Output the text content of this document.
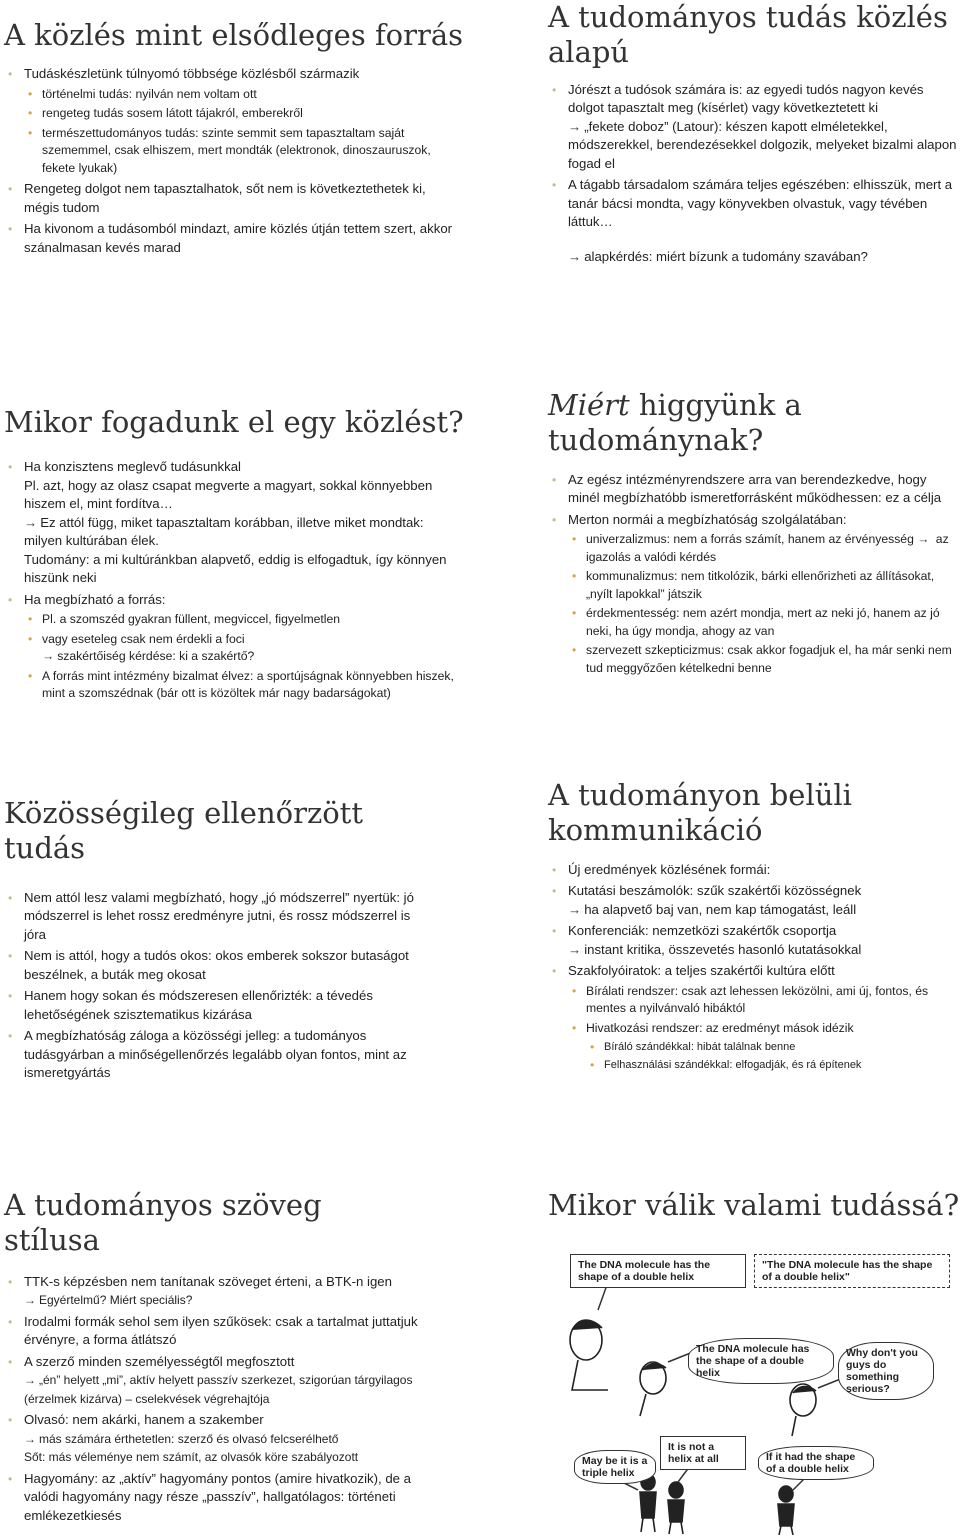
A közlés mint elsődleges forrás
• Tudáskészletünk túlnyomó többsége közlésből származik
• történelmi tudás: nyilván nem voltam ott
• rengeteg tudás sosem látott tájakról, emberekről
• természettudományos tudás: szinte semmit sem tapasztaltam saját szememmel, csak elhiszem, mert mondták (elektronok, dinoszauruszok, fekete lyukak)
• Rengeteg dolgot nem tapasztalhatok, sőt nem is következtethetek ki, mégis tudom
• Ha kivonom a tudásomból mindazt, amire közlés útján tettem szert, akkor szánalmasan kevés marad
A tudományos tudás közlés alapú
• Jórészt a tudósok számára is: az egyedi tudós nagyon kevés dolgot tapasztalt meg (kísérlet) vagy következtetett ki
→ „fekete doboz” (Latour): készen kapott elméletekkel, módszerekkel, berendezésekkel dolgozik, melyeket bizalmi alapon fogad el
• A tágabb társadalom számára teljes egészében: elhisszük, mert a tanár bácsi mondta, vagy könyvekben olvastuk, vagy tévében láttuk…
→ alapkérdés: miért bízunk a tudomány szavában?
Mikor fogadunk el egy közlést?
• Ha konzisztens meglevő tudásunkkal
Pl. azt, hogy az olasz csapat megverte a magyart, sokkal könnyebben hiszem el, mint fordítva…
→ Ez attól függ, miket tapasztaltam korábban, illetve miket mondtak: milyen kultúrában élek.
Tudomány: a mi kultúránkban alapvető, eddig is elfogadtuk, így könnyen hiszünk neki
• Ha megbízható a forrás:
• Pl. a szomszéd gyakran füllent, megviccel, figyelmetlen
• vagy eseteleg csak nem érdekli a foci
→ szakértőiség kérdése: ki a szakértő?
• A forrás mint intézmény bizalmat élvez: a sportújságnak könnyebben hiszek, mint a szomszédnak (bár ott is közöltek már nagy badarságokat)
Miért higgyünk a tudománynak?
• Az egész intézményrendszere arra van berendezkedve, hogy minél megbízhatóbb ismeretforrásként működhessen: ez a célja
• Merton normái a megbízhatóság szolgálatában:
• univerzalizmus: nem a forrás számít, hanem az érvényesség → az igazolás a valódi kérdés
• kommunalizmus: nem titkolózik, bárki ellenőrizheti az állításokat, „nyílt lapokkal” játszik
• érdekmentesség: nem azért mondja, mert az neki jó, hanem az jó neki, ha úgy mondja, ahogy az van
• szervezett szkepticizmus: csak akkor fogadjuk el, ha már senki nem tud meggyőzően kételkedni benne
Közösségileg ellenőrzött tudás
• Nem attól lesz valami megbízható, hogy „jó módszerrel” nyertük: jó módszerrel is lehet rossz eredményre jutni, és rossz módszerrel is jóra
• Nem is attól, hogy a tudós okos: okos emberek sokszor butaságot beszélnek, a buták meg okosat
• Hanem hogy sokan és módszeresen ellenőrizték: a tévedés lehetőségének szisztematikus kizárása
• A megbízhatóság záloga a közösségi jelleg: a tudományos tudásgyárban a minőségellenőrzés legalább olyan fontos, mint az ismeretgyártás
A tudományon belüli kommunikáció
• Új eredmények közlésének formái:
• Kutatási beszámolók: szűk szakértői közösségnek
→ ha alapvető baj van, nem kap támogatást, leáll
• Konferenciák: nemzetközi szakértők csoportja
→ instant kritika, összevetés hasonló kutatásokkal
• Szakfolyóiratok: a teljes szakértői kultúra előtt
• Bírálati rendszer: csak azt lehessen leközölni, ami új, fontos, és mentes a nyilvánvaló hibáktól
• Hivatkozási rendszer: az eredményt mások idézik
• Bíráló szándékkal: hibát találnak benne
• Felhasználási szándékkal: elfogadják, és rá építenek
A tudományos szöveg stílusa
• TTK-s képzésben nem tanítanak szöveget érteni, a BTK-n igen
→ Egyértelmű? Miért speciális?
• Irodalmi formák sehol sem ilyen szűkösek: csak a tartalmat juttatjuk érvényre, a forma átlátszó
• A szerző minden személyességtől megfosztott
→ „én” helyett „mi”, aktív helyett passzív szerkezet, szigorúan tárgyilagos (érzelmek kizárva) – cselekvések végrehajtója
• Olvasó: nem akárki, hanem a szakember
→ más számára érthetetlen: szerző és olvasó felcserélhető
Sőt: más véleménye nem számít, az olvasók köre szabályozott
• Hagyomány: az „aktív” hagyomány pontos (amire hivatkozik), de a valódi hagyomány nagy része „passzív”, hallgatólagos: történeti emlékezetkiesés
Mikor válik valami tudássá?
The DNA molecule has the shape of a double helix
"The DNA molecule has the shape of a double helix"
The DNA molecule has the shape of a double helix
Why don't you guys do something serious?
It is not a helix at all	If it had the shape of a double helix
May be it is a triple helix
